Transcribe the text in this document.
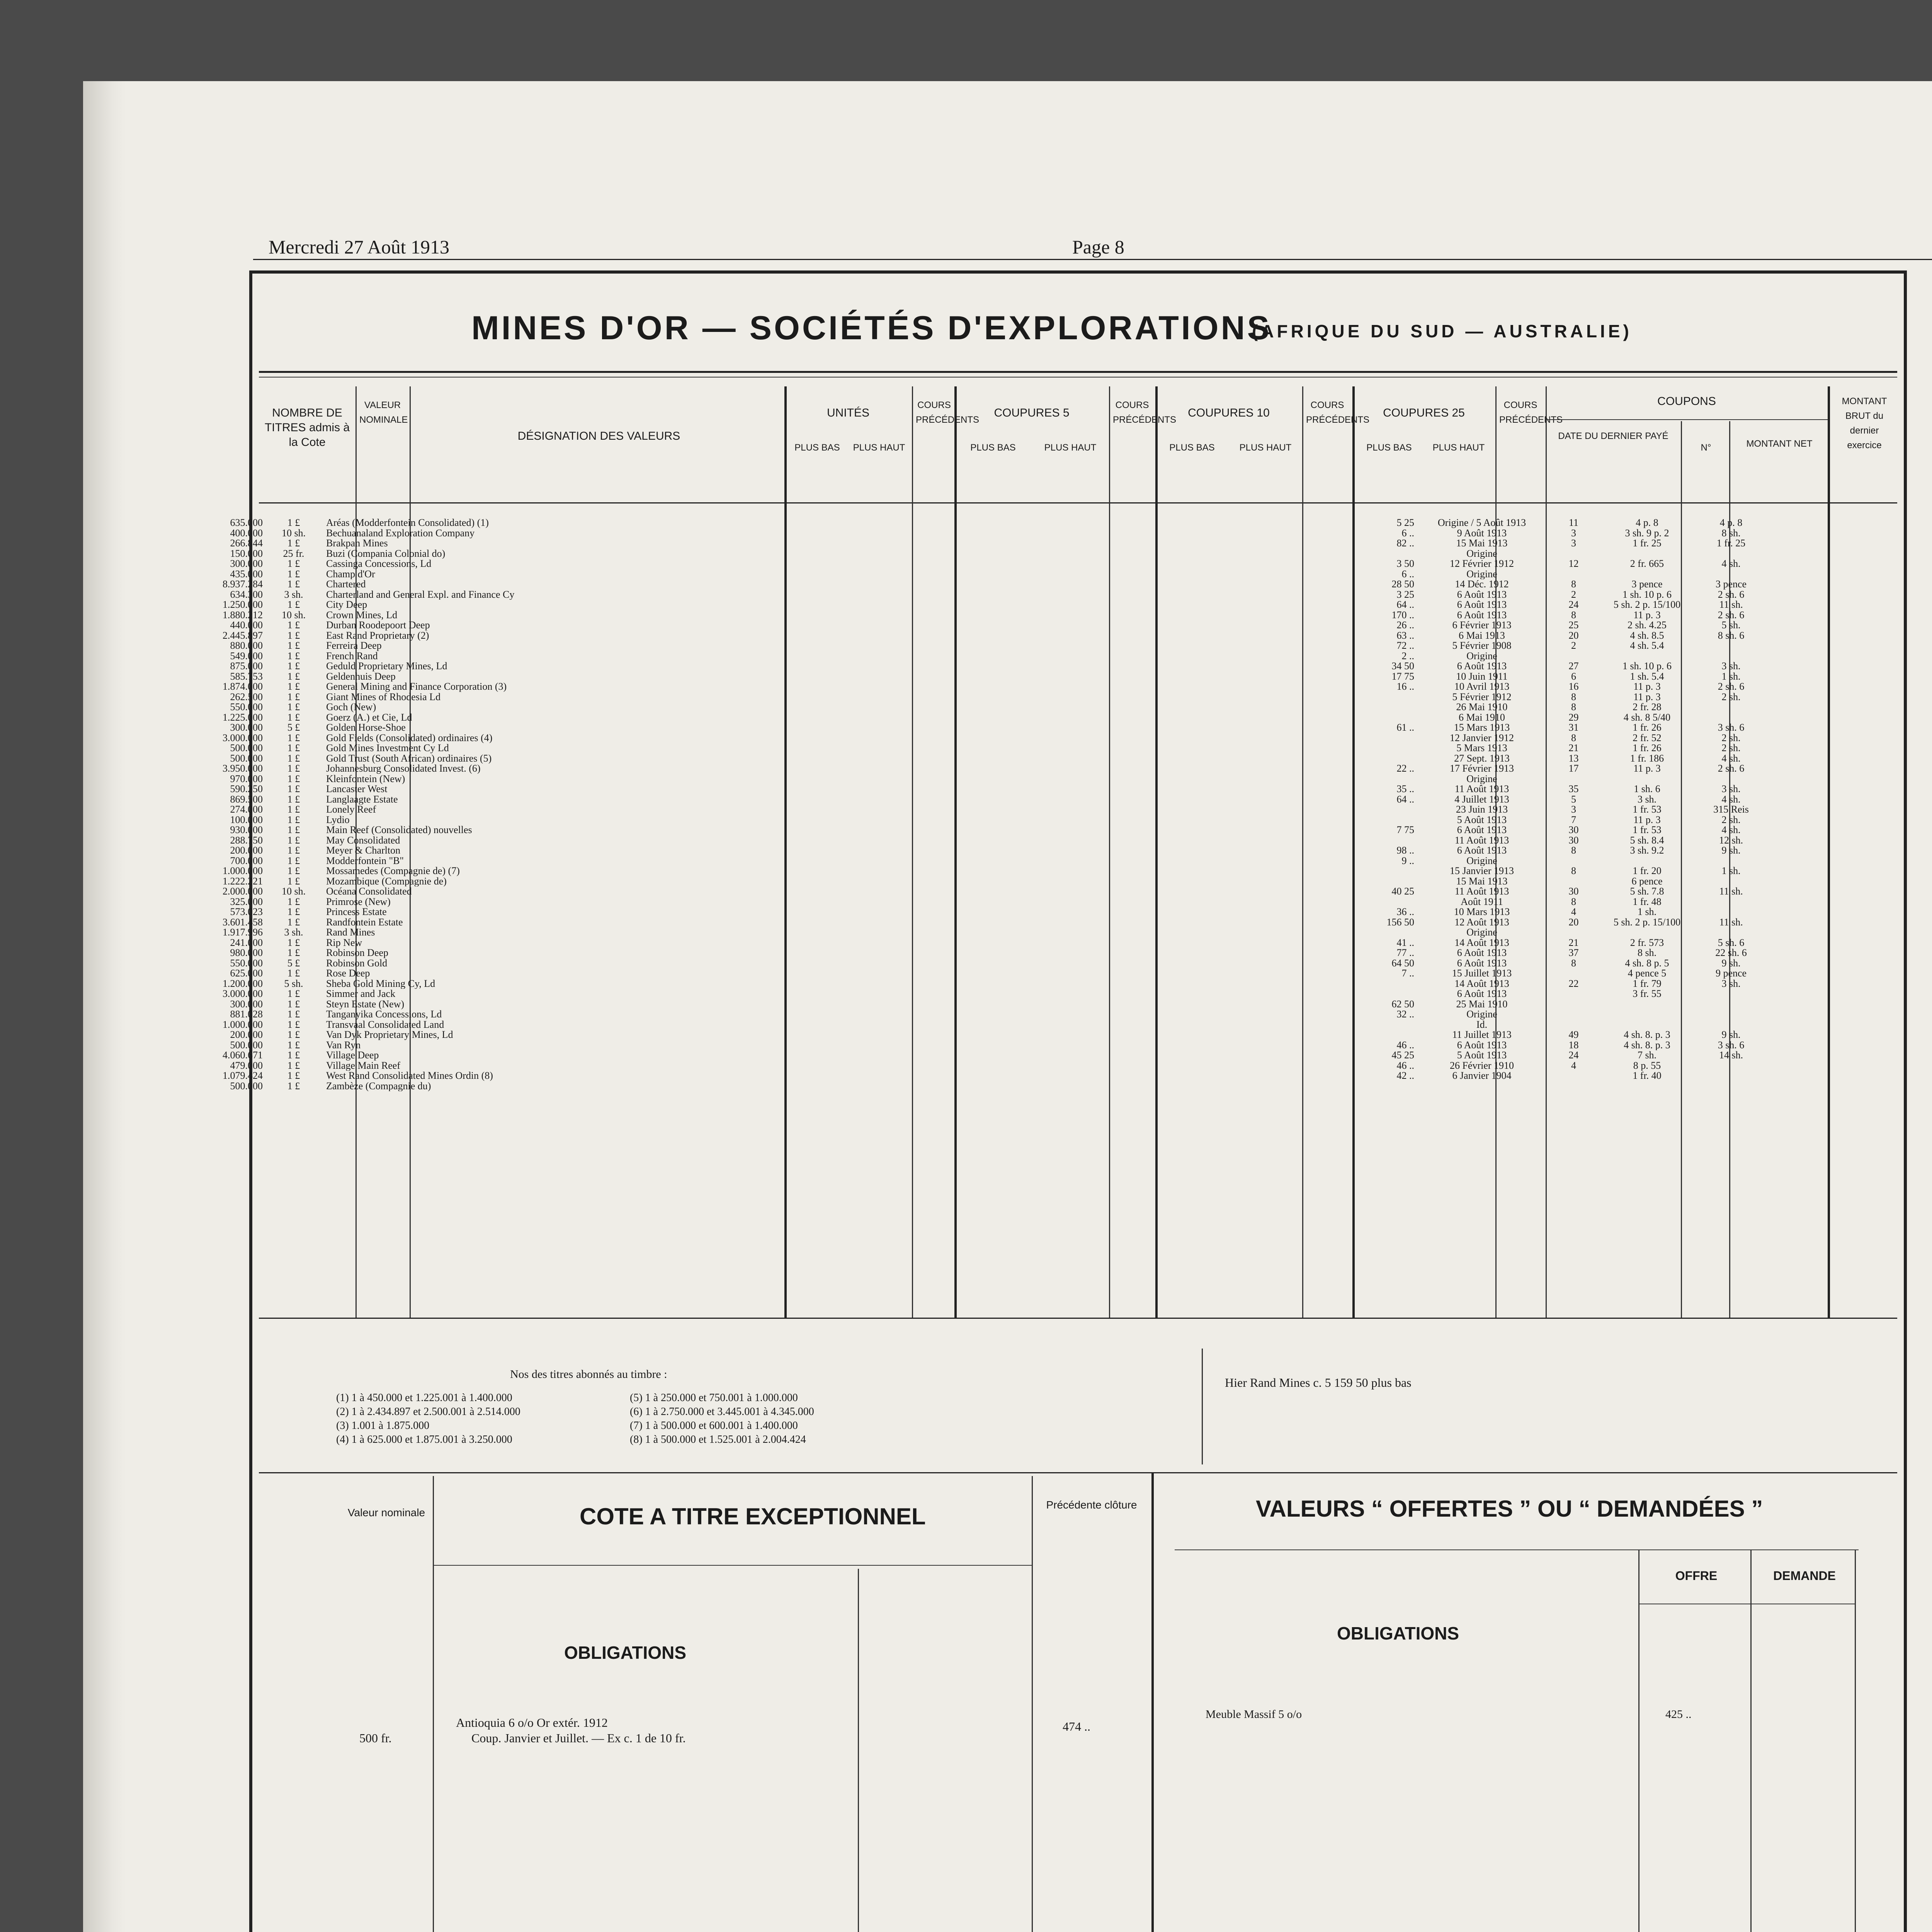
Mercredi 27 Août 1913	Page 8
MINES D'OR — SOCIÉTÉS D'EXPLORATIONS
(AFRIQUE DU SUD — AUSTRALIE)
NOMBRE DE TITRES admis à la Cote
VALEUR NOMINALE
DÉSIGNATION DES VALEURS
UNITÉS
COURS PRÉCÉDENTS
COUPURES 5
COURS PRÉCÉDENTS
COUPURES 10
COURS PRÉCÉDENTS
COUPURES 25
COURS PRÉCÉDENTS
COUPONS
DATE DU DERNIER PAYÉ
N°	MONTANT NET
MONTANT BRUT du dernier exercice
PLUS BAS	PLUS HAUT	PLUS BAS	PLUS HAUT	PLUS BAS	PLUS HAUT	PLUS BAS	PLUS HAUT
635.000	1 £	Aréas (Modderfontein Consolidated) (1)	5 25	Origine / 5 Août 1913	11	4 p. 8	4 p. 8
400.000	10 sh.	Bechuanaland Exploration Company	6 ..	9 Août 1913	3	3 sh. 9 p. 2	8 sh.
266.844	1 £	Brakpan Mines	82 ..	15 Mai 1913	3	1 fr. 25	1 fr. 25
150.000	25 fr.	Buzi (Compania Colonial do)		Origine			
300.000	1 £	Cassinga Concessions, Ld	3 50	12 Février 1912	12	2 fr. 665	4 sh.
435.000	1 £	Champ d'Or	6 ..	Origine			
8.937.284	1 £	Chartered	28 50	14 Déc. 1912	8	3 pence	3 pence
634.300	3 sh.	Charterland and General Expl. and Finance Cy	3 25	6 Août 1913	2	1 sh. 10 p. 6	2 sh. 6
1.250.000	1 £	City Deep	64 ..	6 Août 1913	24	5 sh. 2 p. 15/100	11 sh.
1.880.212	10 sh.	Crown Mines, Ld	170 ..	6 Août 1913	8	11 p. 3	2 sh. 6
440.000	1 £	Durban Roodepoort Deep	26 ..	6 Février 1913	25	2 sh. 4.25	5 sh.
2.445.897	1 £	East Rand Proprietary (2)	63 ..	6 Mai 1913	20	4 sh. 8.5	8 sh. 6
880.000	1 £	Ferreira Deep	72 ..	5 Février 1908	2	4 sh. 5.4	
549.000	1 £	French Rand	2 ..	Origine			
875.000	1 £	Geduld Proprietary Mines, Ld	34 50	6 Août 1913	27	1 sh. 10 p. 6	3 sh.
585.753	1 £	Geldenhuis Deep	17 75	10 Juin 1911	6	1 sh. 5.4	1 sh.
1.874.000	1 £	General Mining and Finance Corporation (3)	16 ..	10 Avril 1913	16	11 p. 3	2 sh. 6
262.500	1 £	Giant Mines of Rhodesia Ld		5 Février 1912	8	11 p. 3	2 sh.
550.000	1 £	Goch (New)		26 Mai 1910	8	2 fr. 28	
1.225.000	1 £	Goerz (A.) et Cie, Ld		6 Mai 1910	29	4 sh. 8 5/40	
300.000	5 £	Golden Horse-Shoe	61 ..	15 Mars 1913	31	1 fr. 26	3 sh. 6
3.000.000	1 £	Gold Fields (Consolidated) ordinaires (4)		12 Janvier 1912	8	2 fr. 52	2 sh.
500.000	1 £	Gold Mines Investment Cy Ld		5 Mars 1913	21	1 fr. 26	2 sh.
500.000	1 £	Gold Trust (South African) ordinaires (5)		27 Sept. 1913	13	1 fr. 186	4 sh.
3.950.000	1 £	Johannesburg Consolidated Invest. (6)	22 ..	17 Février 1913	17	11 p. 3	2 sh. 6
970.000	1 £	Kleinfontein (New)		Origine			
590.250	1 £	Lancaster West	35 ..	11 Août 1913	35	1 sh. 6	3 sh.
869.500	1 £	Langlaagte Estate	64 ..	4 Juillet 1913	5	3 sh.	4 sh.
274.000	1 £	Lonely Reef		23 Juin 1913	3	1 fr. 53	315 Reis
100.000	1 £	Lydio		5 Août 1913	7	11 p. 3	2 sh.
930.000	1 £	Main Reef (Consolidated) nouvelles	7 75	6 Août 1913	30	1 fr. 53	4 sh.
288.750	1 £	May Consolidated		11 Août 1913	30	5 sh. 8.4	12 sh.
200.000	1 £	Meyer & Charlton	98 ..	6 Août 1913	8	3 sh. 9.2	9 sh.
700.000	1 £	Modderfontein "B"	9 ..	Origine			
1.000.000	1 £	Mossamedes (Compagnie de) (7)		15 Janvier 1913	8	1 fr. 20	1 sh.
1.222.221	1 £	Mozambique (Compagnie de)		15 Mai 1913		6 pence	
2.000.000	10 sh.	Océana Consolidated	40 25	11 Août 1913	30	5 sh. 7.8	11 sh.
325.000	1 £	Primrose (New)		Août 1911	8	1 fr. 48	
573.023	1 £	Princess Estate	36 ..	10 Mars 1913	4	1 sh.	
3.601.458	1 £	Randfontein Estate	156 50	12 Août 1913	20	5 sh. 2 p. 15/100	11 sh.
1.917.996	3 sh.	Rand Mines		Origine			
241.000	1 £	Rip New	41 ..	14 Août 1913	21	2 fr. 573	5 sh. 6
980.000	1 £	Robinson Deep	77 ..	6 Août 1913	37	8 sh.	22 sh. 6
550.000	5 £	Robinson Gold	64 50	6 Août 1913	8	4 sh. 8 p. 5	9 sh.
625.000	1 £	Rose Deep	7 ..	15 Juillet 1913		4 pence 5	9 pence
1.200.000	5 sh.	Sheba Gold Mining Cy, Ld		14 Août 1913	22	1 fr. 79	3 sh.
3.000.000	1 £	Simmer and Jack		6 Août 1913		3 fr. 55	
300.000	1 £	Steyn Estate (New)	62 50	25 Mai 1910			
881.028	1 £	Tanganyika Concessions, Ld	32 ..	Origine			
1.000.000	1 £	Transvaal Consolidated Land		Id.			
200.000	1 £	Van Dyk Proprietary Mines, Ld		11 Juillet 1913	49	4 sh. 8. p. 3	9 sh.
500.000	1 £	Van Ryn	46 ..	6 Août 1913	18	4 sh. 8. p. 3	3 sh. 6
4.060.671	1 £	Village Deep	45 25	5 Août 1913	24	7 sh.	14 sh.
479.000	1 £	Village Main Reef	46 ..	26 Février 1910	4	8 p. 55	
1.079.424	1 £	West Rand Consolidated Mines Ordin (8)	42 ..	6 Janvier 1904		1 fr. 40	
500.000	1 £	Zambèze (Compagnie du)					
Nos des titres abonnés au timbre :
(1) 1 à 450.000 et 1.225.001 à 1.400.000
(2) 1 à 2.434.897 et 2.500.001 à 2.514.000
(3) 1.001 à 1.875.000
(4) 1 à 625.000 et 1.875.001 à 3.250.000
(5) 1 à 250.000 et 750.001 à 1.000.000
(6) 1 à 2.750.000 et 3.445.001 à 4.345.000
(7) 1 à 500.000 et 600.001 à 1.400.000
(8) 1 à 500.000 et 1.525.001 à 2.004.424
Hier Rand Mines c. 5 159 50 plus bas
Valeur nominale	COTE A TITRE EXCEPTIONNEL	Précédente clôture
OBLIGATIONS
500 fr.
Antioquia 6 o/o Or extér. 1912
Coup. Janvier et Juillet. — Ex c. 1 de 10 fr.
474 ..
VALEURS “ OFFERTES ” OU “ DEMANDÉES ”
OFFRE	DEMANDE
OBLIGATIONS
Meuble Massif 5 o/o	425 ..
